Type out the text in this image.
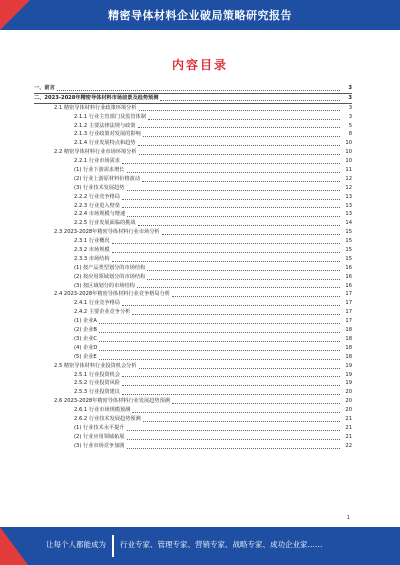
精密导体材料企业破局策略研究报告
内容目录
一、前言	3
二、2023-2028年精密导体材料市场前景及趋势预测	3
2.1 精密导体材料行业政策环境分析	3
2.1.1 行业主管部门及监管体制	3
2.1.2 主要法律法规与政策	5
2.1.3 行业政策对发展的影响	8
2.1.4 行业发展特点和趋势	10
2.2 精密导体材料行业市场环境分析	10
2.2.1 行业市场需求	10
(1) 行业下游需求增长	11
(2) 行业上游原材料价格波动	12
(3) 行业技术发展趋势	12
2.2.2 行业竞争格局	13
2.2.3 行业进入壁垒	13
2.2.4 市场规模与增速	13
2.2.5 行业发展面临的挑战	14
2.3 2023-2028年精密导体材料行业市场分析	15
2.3.1 行业概况	15
2.3.2 市场规模	15
2.3.3 市场结构	15
(1) 按产品类型划分的市场结构	16
(2) 按应用领域划分的市场结构	16
(3) 按区域划分的市场结构	16
2.4 2023-2028年精密导体材料行业竞争格局分析	17
2.4.1 行业竞争格局	17
2.4.2 主要企业竞争分析	17
(1) 企业A	17
(2) 企业B	18
(3) 企业C	18
(4) 企业D	18
(5) 企业E	18
2.5 精密导体材料行业投资机会分析	19
2.5.1 行业投资机会	19
2.5.2 行业投资风险	19
2.5.3 行业投资建议	20
2.6 2023-2028年精密导体材料行业发展趋势预测	20
2.6.1 行业市场规模预测	20
2.6.2 行业技术发展趋势预测	21
(1) 行业技术水平提升	21
(2) 行业应用领域拓展	21
(3) 行业市场竞争加剧	22
1
让每个人都能成为 行业专家、管理专家、营销专家、战略专家、成功企业家……
